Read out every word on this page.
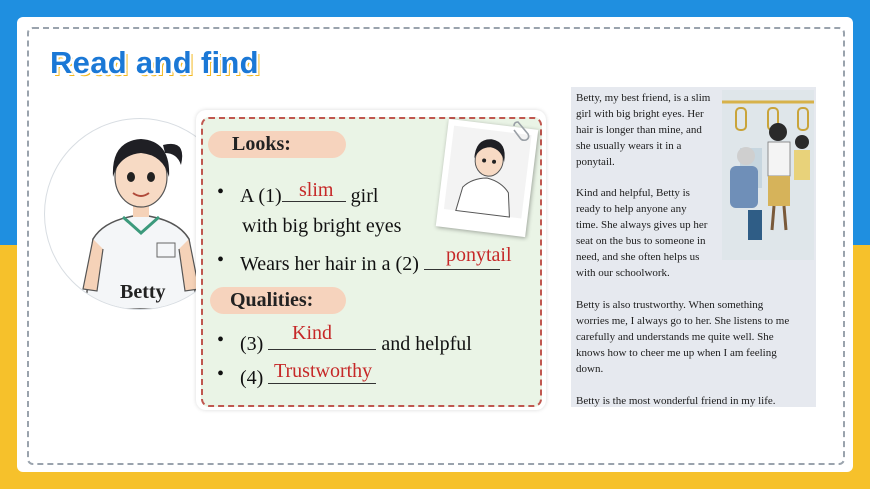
Read and find
Betty
Looks:
• A (1)	girl
slim
with big bright eyes
• Wears her hair in a (2)	ponytail
Qualities:
• (3)	and helpful
Kind
• (4) Trustworthy
Betty, my best friend, is a slim
girl with big bright eyes. Her
hair is longer than mine, and
she usually wears it in a
ponytail.
Kind and helpful, Betty is
ready to help anyone any
time. She always gives up her
seat on the bus to someone in
need, and she often helps us
with our schoolwork.
Betty is also trustworthy. When something
worries me, I always go to her. She listens to me
carefully and understands me quite well. She
knows how to cheer me up when I am feeling
down.
Betty is the most wonderful friend in my life.
